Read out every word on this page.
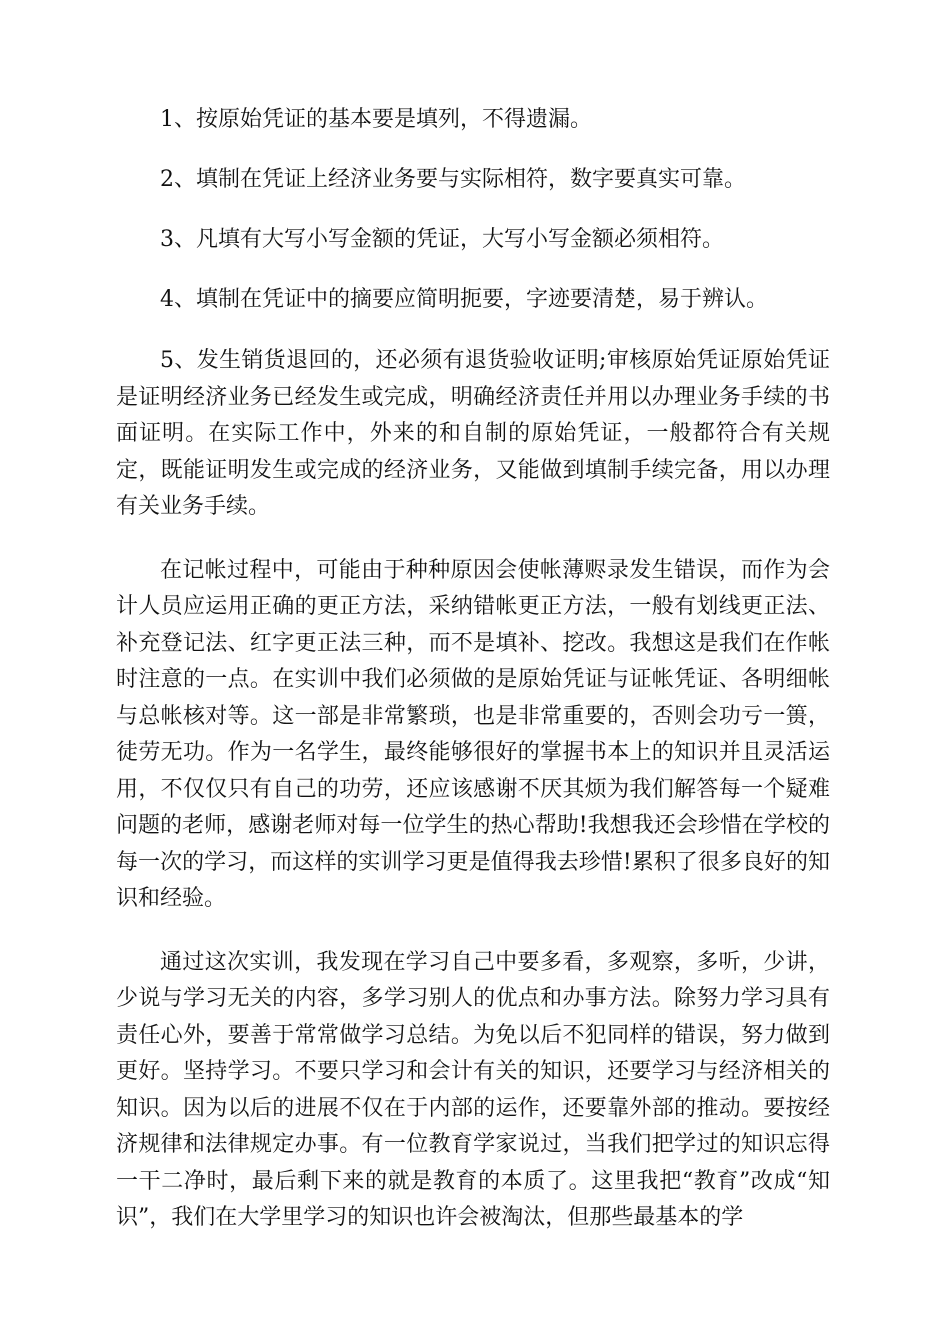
1、按原始凭证的基本要是填列，不得遗漏。

2、填制在凭证上经济业务要与实际相符，数字要真实可靠。

3、凡填有大写小写金额的凭证，大写小写金额必须相符。

4、填制在凭证中的摘要应简明扼要，字迹要清楚，易于辨认。

5、发生销货退回的，还必须有退货验收证明;审核原始凭证原始凭证是证明经济业务已经发生或完成，明确经济责任并用以办理业务手续的书面证明。在实际工作中，外来的和自制的原始凭证，一般都符合有关规定，既能证明发生或完成的经济业务，又能做到填制手续完备，用以办理有关业务手续。

在记帐过程中，可能由于种种原因会使帐薄赆录发生错误，而作为会计人员应运用正确的更正方法，采纳错帐更正方法，一般有划线更正法、补充登记法、红字更正法三种，而不是填补、挖改。我想这是我们在作帐时注意的一点。在实训中我们必须做的是原始凭证与证帐凭证、各明细帐与总帐核对等。这一部是非常繁琐，也是非常重要的，否则会功亏一篑，徒劳无功。作为一名学生，最终能够很好的掌握书本上的知识并且灵活运用，不仅仅只有自己的功劳，还应该感谢不厌其烦为我们解答每一个疑难问题的老师，感谢老师对每一位学生的热心帮助!我想我还会珍惜在学校的每一次的学习，而这样的实训学习更是值得我去珍惜!累积了很多良好的知识和经验。

通过这次实训，我发现在学习自己中要多看，多观察，多听，少讲，少说与学习无关的内容，多学习别人的优点和办事方法。除努力学习具有责任心外，要善于常常做学习总结。为免以后不犯同样的错误，努力做到更好。坚持学习。不要只学习和会计有关的知识，还要学习与经济相关的知识。因为以后的进展不仅在于内部的运作，还要靠外部的推动。要按经济规律和法律规定办事。有一位教育学家说过，当我们把学过的知识忘得一干二净时，最后剩下来的就是教育的本质了。这里我把“教育”改成“知识”，我们在大学里学习的知识也许会被淘汰，但那些最基本的学
